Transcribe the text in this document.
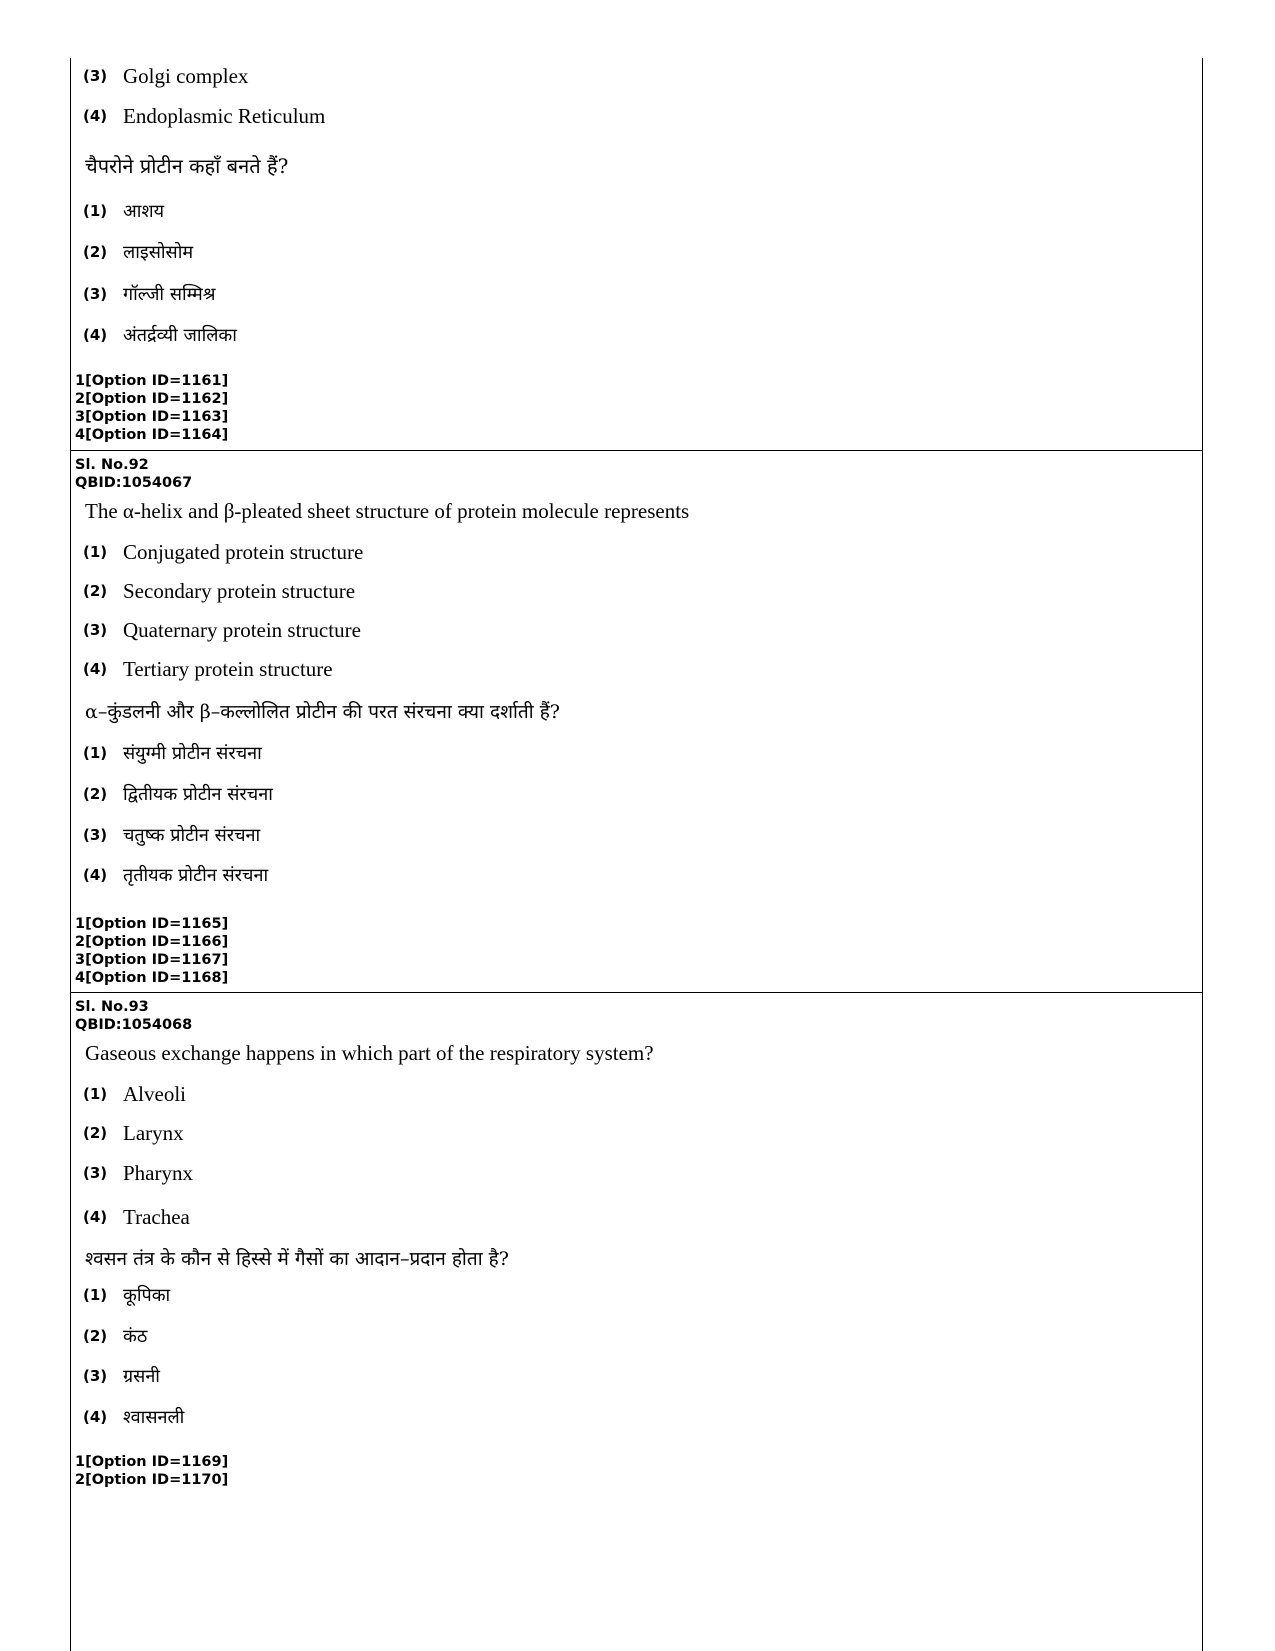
(3) Golgi complex
(4) Endoplasmic Reticulum
चैपरोने प्रोटीन कहाँ बनते हैं?
(1) आशय
(2) लाइसोसोम
(3) गॉल्जी सम्मिश्र
(4) अंतर्द्रव्यी जालिका
1[Option ID=1161]
2[Option ID=1162]
3[Option ID=1163]
4[Option ID=1164]
Sl. No.92
QBID:1054067
The α-helix and β-pleated sheet structure of protein molecule represents
(1) Conjugated protein structure
(2) Secondary protein structure
(3) Quaternary protein structure
(4) Tertiary protein structure
α–कुंडलनी और β–कल्लोलित प्रोटीन की परत संरचना क्या दर्शाती हैं?
(1) संयुग्मी प्रोटीन संरचना
(2) द्वितीयक प्रोटीन संरचना
(3) चतुष्क प्रोटीन संरचना
(4) तृतीयक प्रोटीन संरचना
1[Option ID=1165]
2[Option ID=1166]
3[Option ID=1167]
4[Option ID=1168]
Sl. No.93
QBID:1054068
Gaseous exchange happens in which part of the respiratory system?
(1) Alveoli
(2) Larynx
(3) Pharynx
(4) Trachea
श्वसन तंत्र के कौन से हिस्से में गैसों का आदान–प्रदान होता है?
(1) कूपिका
(2) कंठ
(3) ग्रसनी
(4) श्वासनली
1[Option ID=1169]
2[Option ID=1170]
